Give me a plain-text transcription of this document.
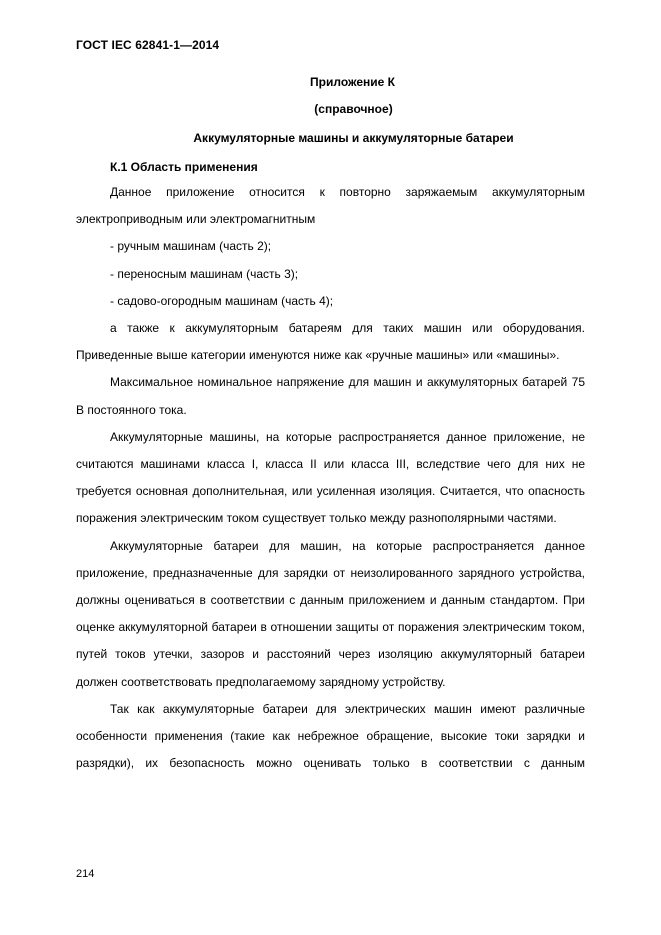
ГОСТ IEC 62841-1—2014
Приложение К
(справочное)
Аккумуляторные машины и аккумуляторные батареи
К.1 Область применения

Данное приложение относится к повторно заряжаемым аккумуляторным электроприводным или электромагнитным

- ручным машинам (часть 2);

- переносным машинам (часть 3);

- садово-огородным машинам (часть 4);

а также к аккумуляторным батареям для таких машин или оборудования. Приведенные выше категории именуются ниже как «ручные машины» или «машины».

Максимальное номинальное напряжение для машин и аккумуляторных батарей 75 В постоянного тока.

Аккумуляторные машины, на которые распространяется данное приложение, не считаются машинами класса I, класса II или класса III, вследствие чего для них не требуется основная дополнительная, или усиленная изоляция. Считается, что опасность поражения электрическим током существует только между разнополярными частями.

Аккумуляторные батареи для машин, на которые распространяется данное приложение, предназначенные для зарядки от неизолированного зарядного устройства, должны оцениваться в соответствии с данным приложением и данным стандартом. При оценке аккумуляторной батареи в отношении защиты от поражения электрическим током, путей токов утечки, зазоров и расстояний через изоляцию аккумуляторный батареи должен соответствовать предполагаемому зарядному устройству.

Так как аккумуляторные батареи для электрических машин имеют различные особенности применения (такие как небрежное обращение, высокие токи зарядки и разрядки), их безопасность можно оценивать только в соответствии с данным

214
